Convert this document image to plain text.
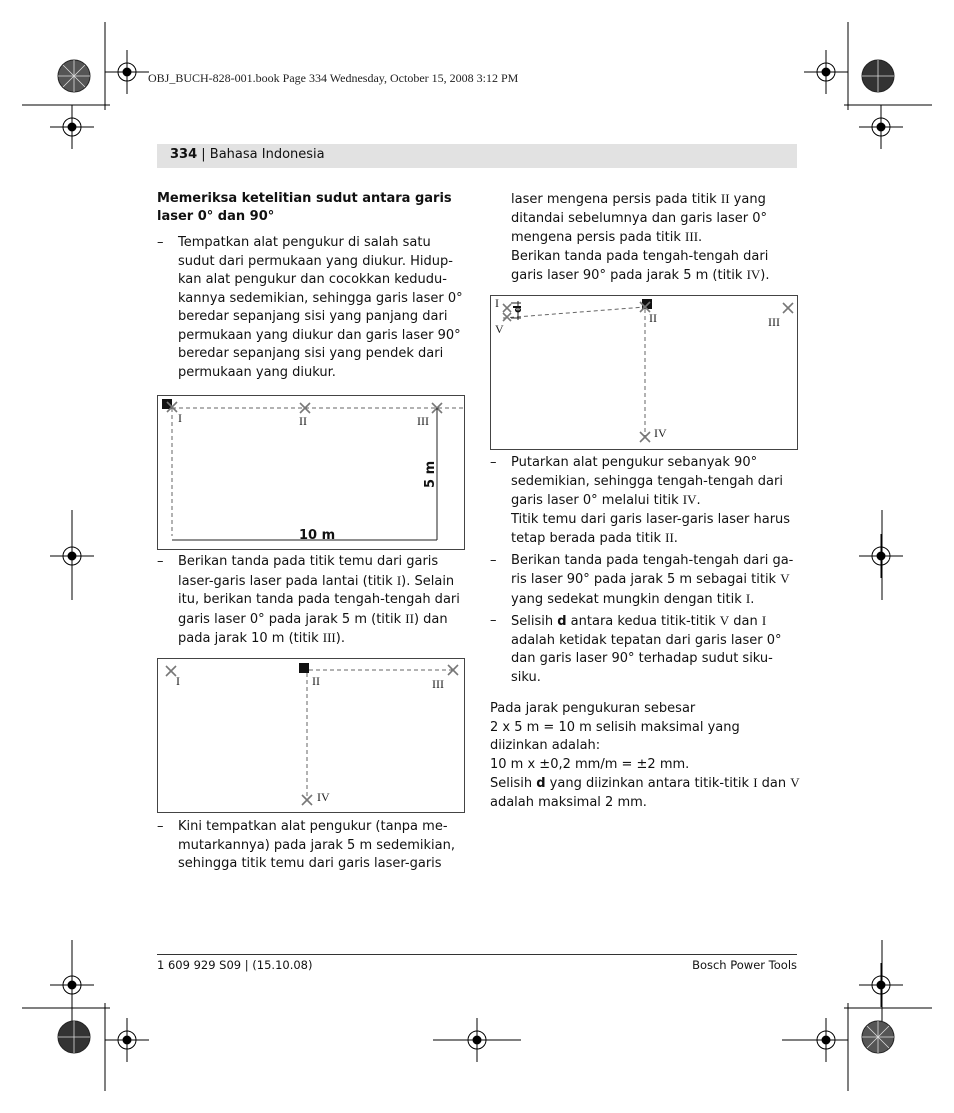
OBJ_BUCH-828-001.book Page 334 Wednesday, October 15, 2008 3:12 PM
334 | Bahasa Indonesia
Memeriksa ketelitian sudut antara garis laser 0° dan 90°

– Tempatkan alat pengukur di salah satu sudut dari permukaan yang diukur. Hidup-kan alat pengukur dan cocokkan kedudu-kannya sedemikian, sehingga garis laser 0° beredar sepanjang sisi yang panjang dari permukaan yang diukur dan garis laser 90° beredar sepanjang sisi yang pendek dari permukaan yang diukur.

I	II	III
10 m
5 m

– Berikan tanda pada titik temu dari garis laser-garis laser pada lantai (titik I). Selain itu, berikan tanda pada tengah-tengah dari garis laser 0° pada jarak 5 m (titik II) dan pada jarak 10 m (titik III).

I	II	III
IV

– Kini tempatkan alat pengukur (tanpa me-mutarkannya) pada jarak 5 m sedemikian, sehingga titik temu dari garis laser-garis

laser mengena persis pada titik II yang ditandai sebelumnya dan garis laser 0° mengena persis pada titik III.

Berikan tanda pada tengah-tengah dari garis laser 90° pada jarak 5 m (titik IV).

I
V
d
II	III
IV

– Putarkan alat pengukur sebanyak 90° sedemikian, sehingga tengah-tengah dari garis laser 0° melalui titik IV.

Titik temu dari garis laser-garis laser harus tetap berada pada titik II.

– Berikan tanda pada tengah-tengah dari ga-ris laser 90° pada jarak 5 m sebagai titik V yang sedekat mungkin dengan titik I.

– Selisih d antara kedua titik-titik V dan I adalah ketidak tepatan dari garis laser 0° dan garis laser 90° terhadap sudut siku-siku.

Pada jarak pengukuran sebesar

2 x 5 m = 10 m selisih maksimal yang diizinkan adalah:

10 m x ±0,2 mm/m = ±2 mm.

Selisih d yang diizinkan antara titik-titik I dan V adalah maksimal 2 mm.

1 609 929 S09 | (15.10.08)	Bosch Power Tools
